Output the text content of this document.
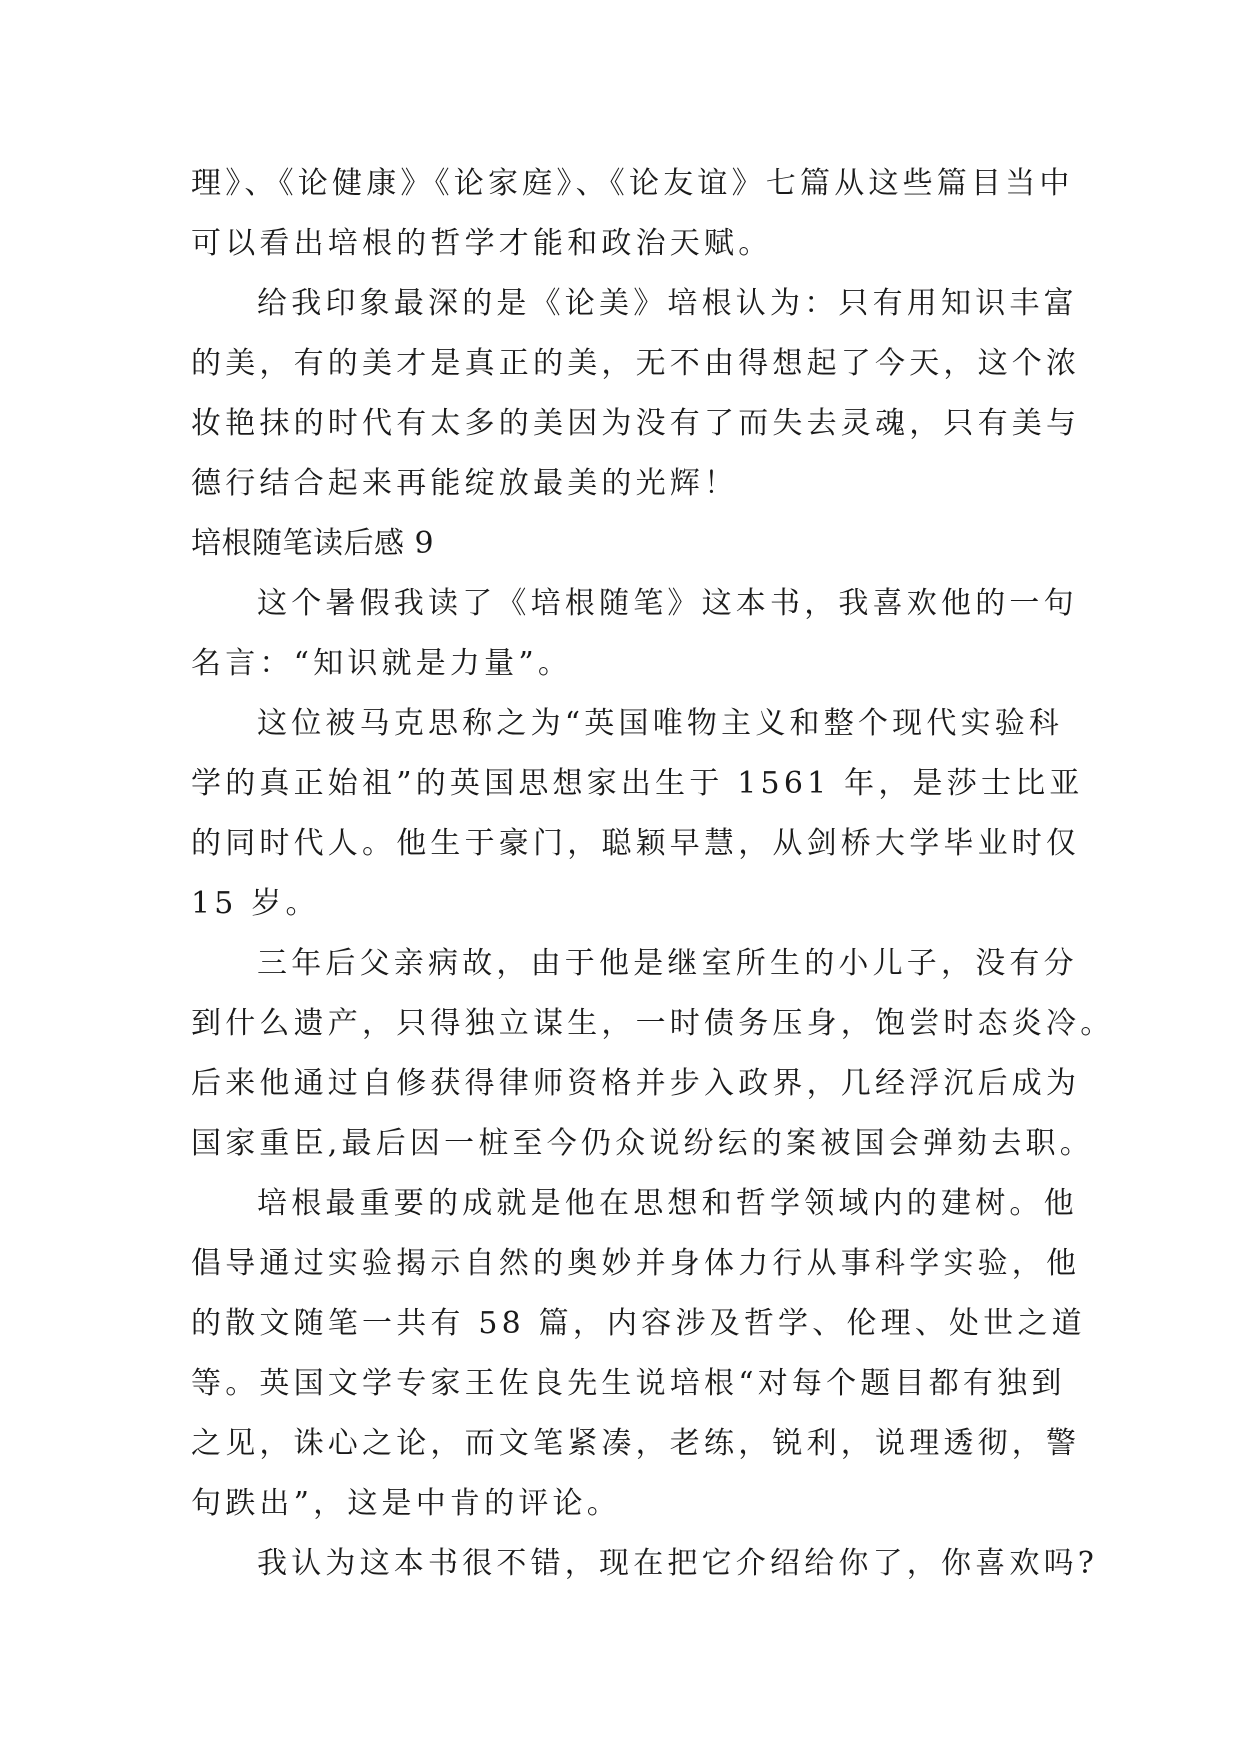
理》、《论健康》《论家庭》、《论友谊》七篇从这些篇目当中
可以看出培根的哲学才能和政治天赋。
给我印象最深的是《论美》培根认为：只有用知识丰富
的美，有的美才是真正的美，无不由得想起了今天，这个浓
妆艳抹的时代有太多的美因为没有了而失去灵魂，只有美与
德行结合起来再能绽放最美的光辉！
培根随笔读后感 9
这个暑假我读了《培根随笔》这本书，我喜欢他的一句
名言：“知识就是力量”。
这位被马克思称之为“英国唯物主义和整个现代实验科
学的真正始祖”的英国思想家出生于 1561 年，是莎士比亚
的同时代人。他生于豪门，聪颖早慧，从剑桥大学毕业时仅
15 岁。
三年后父亲病故，由于他是继室所生的小儿子，没有分
到什么遗产，只得独立谋生，一时债务压身，饱尝时态炎冷。
后来他通过自修获得律师资格并步入政界，几经浮沉后成为
国家重臣,最后因一桩至今仍众说纷纭的案被国会弹劾去职。
培根最重要的成就是他在思想和哲学领域内的建树。他
倡导通过实验揭示自然的奥妙并身体力行从事科学实验，他
的散文随笔一共有 58 篇，内容涉及哲学、伦理、处世之道
等。英国文学专家王佐良先生说培根“对每个题目都有独到
之见，诛心之论，而文笔紧凑，老练，锐利，说理透彻，警
句跌出”，这是中肯的评论。
我认为这本书很不错，现在把它介绍给你了，你喜欢吗?
